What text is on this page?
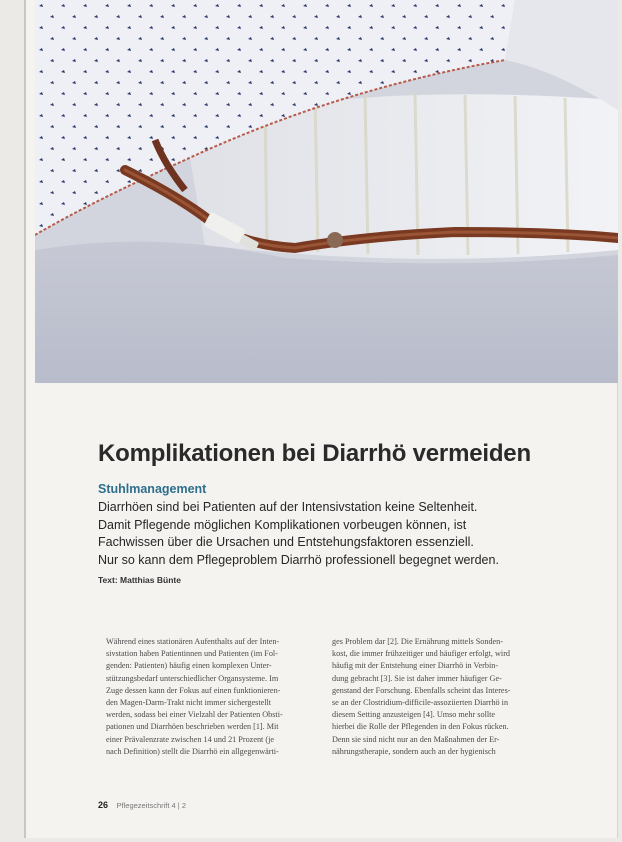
Komplikationen bei Diarrhö vermeiden
Stuhlmanagement
Diarrhöen sind bei Patienten auf der Intensivstation keine Seltenheit.
Damit Pflegende möglichen Komplikationen vorbeugen können, ist
Fachwissen über die Ursachen und Entstehungsfaktoren essenziell.
Nur so kann dem Pflegeproblem Diarrhö professionell begegnet werden.
Text: Matthias Bünte
Während eines stationären Aufenthalts auf der Inten-
sivstation haben Patientinnen und Patienten (im Fol-
genden: Patienten) häufig einen komplexen Unter-
stützungsbedarf unterschiedlicher Organsysteme. Im
Zuge dessen kann der Fokus auf einen funktionieren-
den Magen-Darm-Trakt nicht immer sichergestellt
werden, sodass bei einer Vielzahl der Patienten Obsti-
pationen und Diarrhöen beschrieben werden [1]. Mit
einer Prävalenzrate zwischen 14 und 21 Prozent (je
nach Definition) stellt die Diarrhö ein allgegenwärti-
ges Problem dar [2]. Die Ernährung mittels Sonden-
kost, die immer frühzeitiger und häufiger erfolgt, wird
häufig mit der Entstehung einer Diarrhö in Verbin-
dung gebracht [3]. Sie ist daher immer häufiger Ge-
genstand der Forschung. Ebenfalls scheint das Interes-
se an der Clostridium-difficile-assoziierten Diarrhö in
diesem Setting anzusteigen [4]. Umso mehr sollte
hierbei die Rolle der Pflegenden in den Fokus rücken.
Denn sie sind nicht nur an den Maßnahmen der Er-
nährungstherapie, sondern auch an der hygienisch
26 Pflegezeitschrift 4 | 2
